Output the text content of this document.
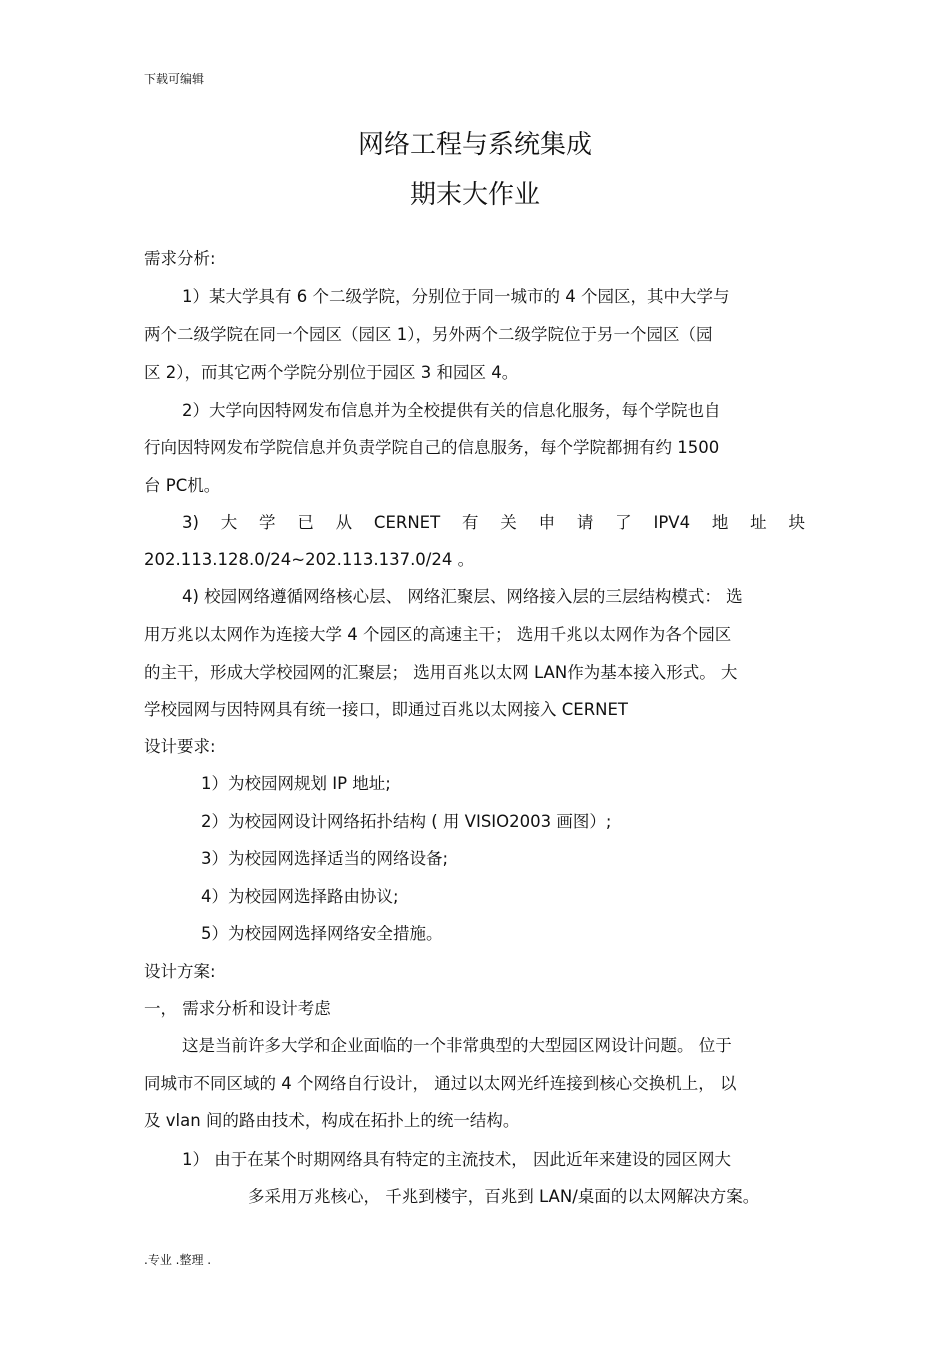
下载可编辑
网络工程与系统集成
期末大作业
需求分析:
1）某大学具有 6 个二级学院，分别位于同一城市的 4 个园区，其中大学与
两个二级学院在同一个园区（园区 1），另外两个二级学院位于另一个园区（园
区 2），而其它两个学院分别位于园区 3 和园区 4。
2）大学向因特网发布信息并为全校提供有关的信息化服务，每个学院也自
行向因特网发布学院信息并负责学院自己的信息服务，每个学院都拥有约 1500
台 PC机。
3) 大 学 已 从 CERNET 有 关 申 请 了 IPV4 地 址 块
202.113.128.0/24~202.113.137.0/24 。
4) 校园网络遵循网络核心层、 网络汇聚层、网络接入层的三层结构模式： 选
用万兆以太网作为连接大学 4 个园区的高速主干； 选用千兆以太网作为各个园区
的主干，形成大学校园网的汇聚层； 选用百兆以太网 LAN作为基本接入形式。 大
学校园网与因特网具有统一接口，即通过百兆以太网接入 CERNET
设计要求:
1）为校园网规划 IP 地址;
2）为校园网设计网络拓扑结构 ( 用 VISIO2003 画图）;
3）为校园网选择适当的网络设备;
4）为校园网选择路由协议;
5）为校园网选择网络安全措施。
设计方案:
一， 需求分析和设计考虑
这是当前许多大学和企业面临的一个非常典型的大型园区网设计问题。 位于
同城市不同区域的 4 个网络自行设计， 通过以太网光纤连接到核心交换机上， 以
及 vlan 间的路由技术，构成在拓扑上的统一结构。
1） 由于在某个时期网络具有特定的主流技术， 因此近年来建设的园区网大
多采用万兆核心， 千兆到楼宇，百兆到 LAN/桌面的以太网解决方案。
.专业 .整理 .
